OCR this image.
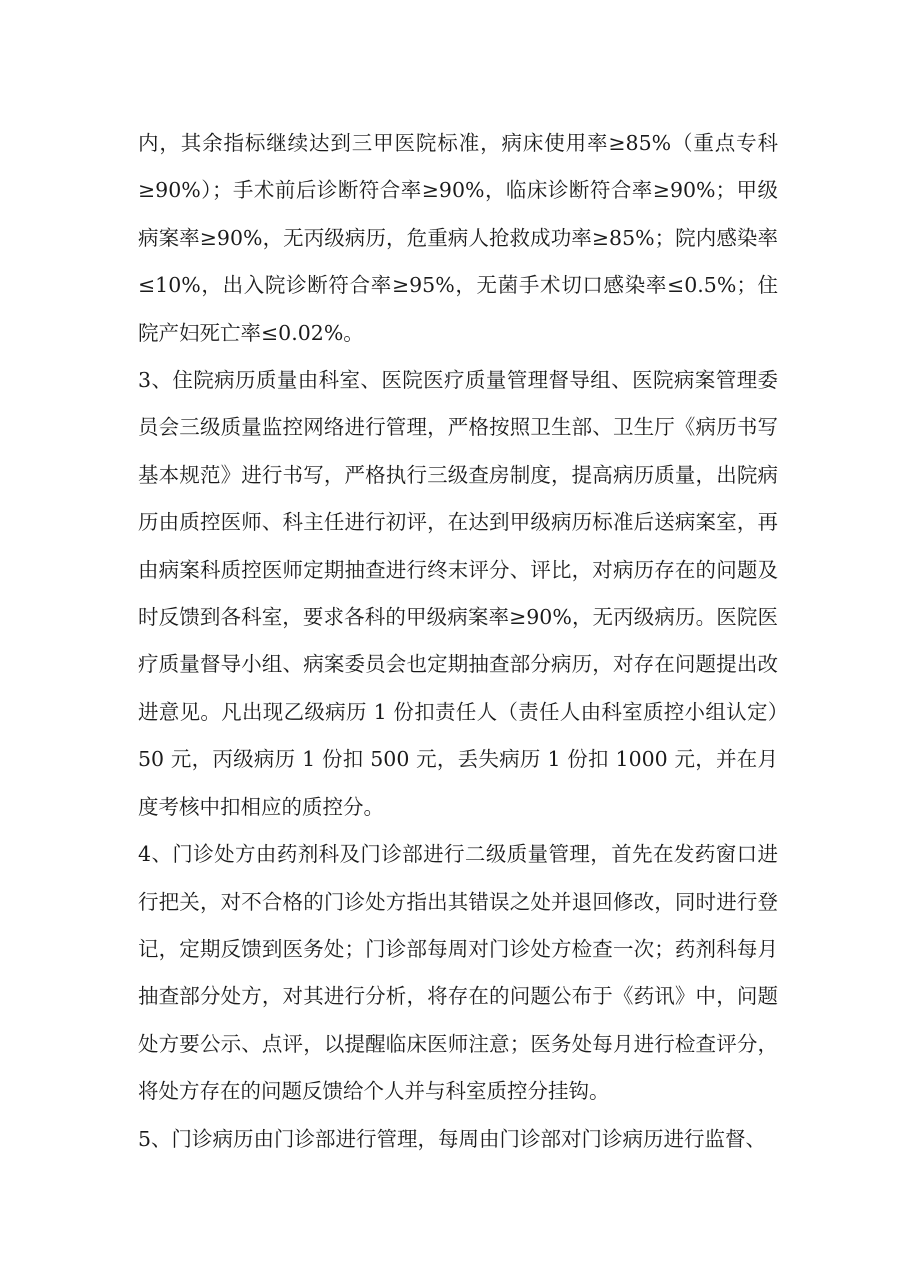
内，其余指标继续达到三甲医院标准，病床使用率≥85%（重点专科≥90%）；手术前后诊断符合率≥90%，临床诊断符合率≥90%；甲级病案率≥90%，无丙级病历，危重病人抢救成功率≥85%；院内感染率≤10%，出入院诊断符合率≥95%，无菌手术切口感染率≤0.5%；住院产妇死亡率≤0.02%。

3、住院病历质量由科室、医院医疗质量管理督导组、医院病案管理委员会三级质量监控网络进行管理，严格按照卫生部、卫生厅《病历书写基本规范》进行书写，严格执行三级查房制度，提高病历质量，出院病历由质控医师、科主任进行初评，在达到甲级病历标准后送病案室，再由病案科质控医师定期抽查进行终末评分、评比，对病历存在的问题及时反馈到各科室，要求各科的甲级病案率≥90%，无丙级病历。医院医疗质量督导小组、病案委员会也定期抽查部分病历，对存在问题提出改进意见。凡出现乙级病历 1 份扣责任人（责任人由科室质控小组认定）50 元，丙级病历 1 份扣 500 元，丢失病历 1 份扣 1000 元，并在月度考核中扣相应的质控分。

4、门诊处方由药剂科及门诊部进行二级质量管理，首先在发药窗口进行把关，对不合格的门诊处方指出其错误之处并退回修改，同时进行登记，定期反馈到医务处；门诊部每周对门诊处方检查一次；药剂科每月抽查部分处方，对其进行分析，将存在的问题公布于《药讯》中，问题处方要公示、点评，以提醒临床医师注意；医务处每月进行检查评分，将处方存在的问题反馈给个人并与科室质控分挂钩。

5、门诊病历由门诊部进行管理，每周由门诊部对门诊病历进行监督、
